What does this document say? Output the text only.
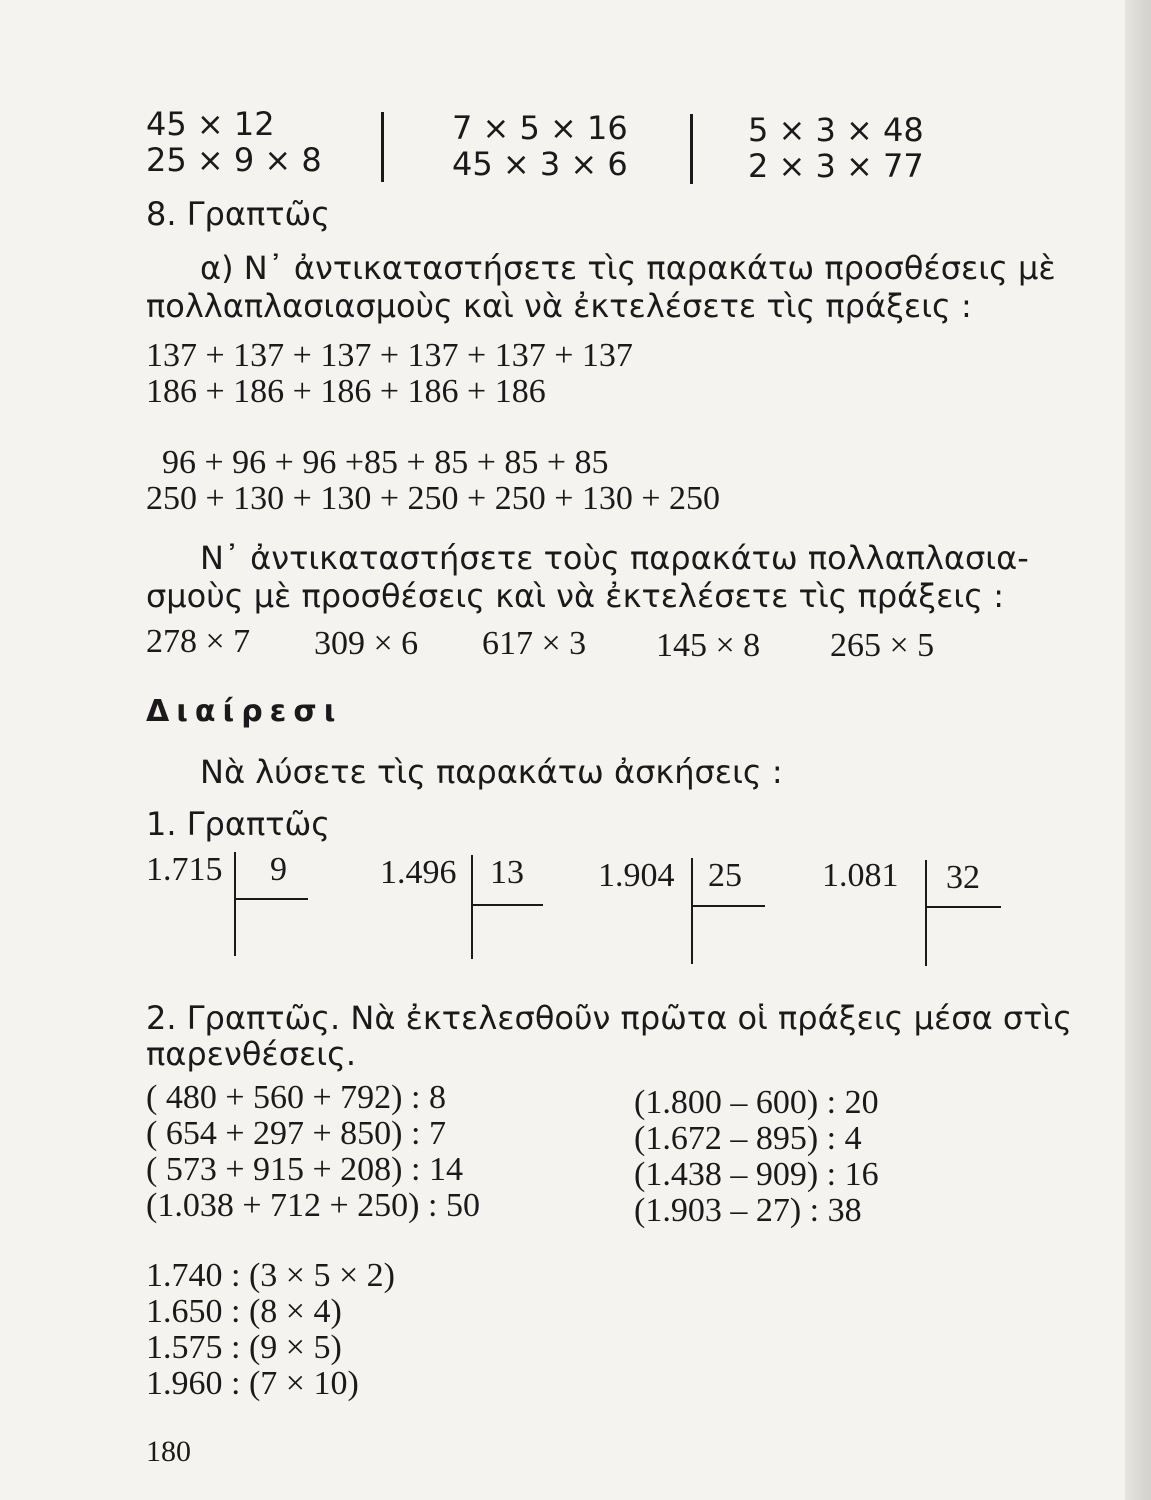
45 × 12
25 × 9 × 8
7 × 5 × 16
45 × 3 × 6
5 × 3 × 48
2 × 3 × 77
8. Γραπτῶς
α) Ν᾿ ἀντικαταστήσετε τὶς παρακάτω προσθέσεις μὲ
πολλαπλασιασμοὺς καὶ νὰ ἐκτελέσετε τὶς πράξεις :
137 + 137 + 137 + 137 + 137 + 137
186 + 186 + 186 + 186 + 186
96 + 96 + 96 +85 + 85 + 85 + 85
250 + 130 + 130 + 250 + 250 + 130 + 250
Ν᾿ ἀντικαταστήσετε τοὺς παρακάτω πολλαπλασια-
σμοὺς μὲ προσθέσεις καὶ νὰ ἐκτελέσετε τὶς πράξεις :
278 × 7 309 × 6 617 × 3 145 × 8 265 × 5
Διαίρεσι
Νὰ λύσετε τὶς παρακάτω ἀσκήσεις :
1. Γραπτῶς
1.715 9	1.496 13 1.904 25 1.081 32
2. Γραπτῶς. Νὰ ἐκτελεσθοῦν πρῶτα οἱ πράξεις μέσα στὶς
παρενθέσεις.
( 480 + 560 + 792) : 8
( 654 + 297 + 850) : 7
( 573 + 915 + 208) : 14
(1.038 + 712 + 250) : 50
(1.800 – 600) : 20
(1.672 – 895) : 4
(1.438 – 909) : 16
(1.903 – 27) : 38
1.740 : (3 × 5 × 2)
1.650 : (8 × 4)
1.575 : (9 × 5)
1.960 : (7 × 10)
180
